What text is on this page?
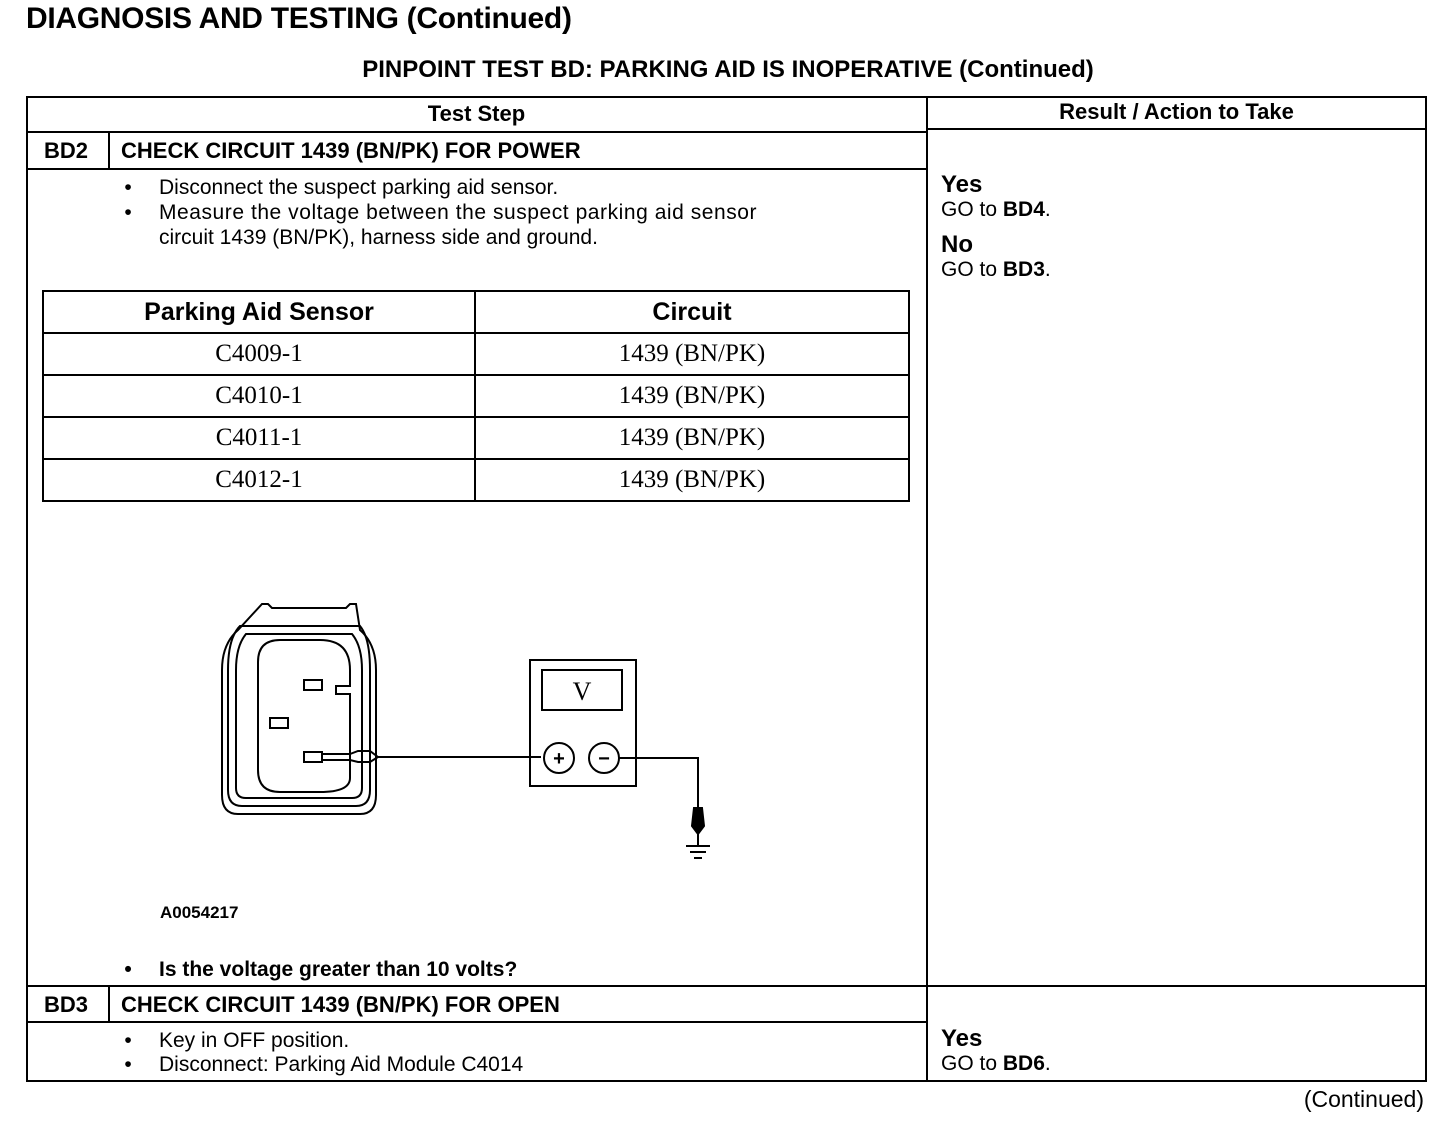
DIAGNOSIS AND TESTING (Continued)
PINPOINT TEST BD: PARKING AID IS INOPERATIVE (Continued)
Test Step	Result / Action to Take
BD2 CHECK CIRCUIT 1439 (BN/PK) FOR POWER
•	Disconnect the suspect parking aid sensor.
•	Measure the voltage between the suspect parking aid sensor
circuit 1439 (BN/PK), harness side and ground.
Parking Aid Sensor	Circuit
C4009-1	1439 (BN/PK)
C4010-1	1439 (BN/PK)
C4011-1	1439 (BN/PK)
C4012-1	1439 (BN/PK)
V
+ −
A0054217
•	Is the voltage greater than 10 volts?
Yes
GO to BD4.
No
GO to BD3.
BD3 CHECK CIRCUIT 1439 (BN/PK) FOR OPEN
•	Key in OFF position.
•	Disconnect: Parking Aid Module C4014
Yes
GO to BD6.
(Continued)
